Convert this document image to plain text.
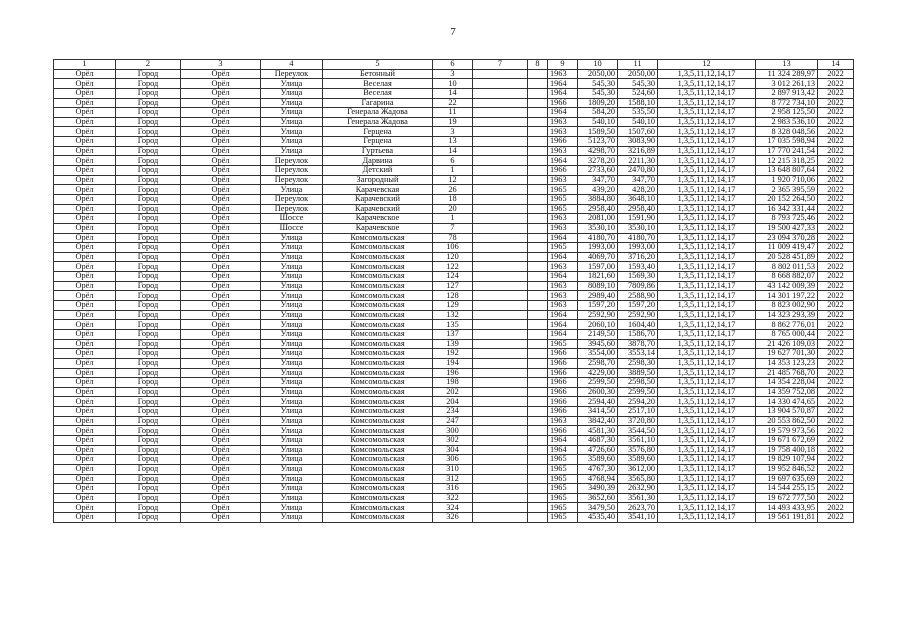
7
1	2	3	4	5	6	7	8	9	10	11	12	13	14
Орёл	Город	Орёл	Переулок	Бетонный	3			1963	2050,00	2050,00	1,3,5,11,12,14,17	11 324 289,97	2022
Орёл	Город	Орёл	Улица	Веселая	10			1964	545,30	545,30	1,3,5,11,12,14,17	3 012 261,13	2022
Орёл	Город	Орёл	Улица	Веселая	14			1964	545,30	524,60	1,3,5,11,12,14,17	2 897 913,42	2022
Орёл	Город	Орёл	Улица	Гагарина	22			1966	1809,20	1588,10	1,3,5,11,12,14,17	8 772 734,10	2022
Орёл	Город	Орёл	Улица	Генерала Жадова	11			1964	584,20	535,50	1,3,5,11,12,14,17	2 958 125,50	2022
Орёл	Город	Орёл	Улица	Генерала Жадова	19			1963	540,10	540,10	1,3,5,11,12,14,17	2 983 536,10	2022
Орёл	Город	Орёл	Улица	Герцена	3			1963	1589,50	1507,60	1,3,5,11,12,14,17	8 328 048,56	2022
Орёл	Город	Орёл	Улица	Герцена	13			1966	5123,70	3083,90	1,3,5,11,12,14,17	17 035 598,94	2022
Орёл	Город	Орёл	Улица	Гуртьева	14			1963	4298,70	3216,89	1,3,5,11,12,14,17	17 770 241,54	2022
Орёл	Город	Орёл	Переулок	Дарвина	6			1964	3278,20	2211,30	1,3,5,11,12,14,17	12 215 318,25	2022
Орёл	Город	Орёл	Переулок	Детский	1			1966	2733,60	2470,80	1,3,5,11,12,14,17	13 648 807,64	2022
Орёл	Город	Орёл	Переулок	Загородный	12			1963	347,70	347,70	1,3,5,11,12,14,17	1 920 710,06	2022
Орёл	Город	Орёл	Улица	Карачевская	26			1965	439,20	428,20	1,3,5,11,12,14,17	2 365 395,59	2022
Орёл	Город	Орёл	Переулок	Карачевский	18			1965	3884,80	3648,10	1,3,5,11,12,14,17	20 152 264,50	2022
Орёл	Город	Орёл	Переулок	Карачевский	20			1965	2958,40	2958,40	1,3,5,11,12,14,17	16 342 331,44	2022
Орёл	Город	Орёл	Шоссе	Карачевское	1			1963	2081,00	1591,90	1,3,5,11,12,14,17	8 793 725,46	2022
Орёл	Город	Орёл	Шоссе	Карачевское	7			1963	3530,10	3530,10	1,3,5,11,12,14,17	19 500 427,33	2022
Орёл	Город	Орёл	Улица	Комсомольская	78			1964	4180,70	4180,70	1,3,5,11,12,14,17	23 094 370,28	2022
Орёл	Город	Орёл	Улица	Комсомольская	106			1965	1993,00	1993,00	1,3,5,11,12,14,17	11 009 419,47	2022
Орёл	Город	Орёл	Улица	Комсомольская	120			1964	4069,70	3716,20	1,3,5,11,12,14,17	20 528 451,89	2022
Орёл	Город	Орёл	Улица	Комсомольская	122			1963	1597,00	1593,40	1,3,5,11,12,14,17	8 802 011,53	2022
Орёл	Город	Орёл	Улица	Комсомольская	124			1964	1821,60	1569,30	1,3,5,11,12,14,17	8 668 882,07	2022
Орёл	Город	Орёл	Улица	Комсомольская	127			1963	8089,10	7809,86	1,3,5,11,12,14,17	43 142 009,39	2022
Орёл	Город	Орёл	Улица	Комсомольская	128			1963	2989,40	2588,90	1,3,5,11,12,14,17	14 301 197,22	2022
Орёл	Город	Орёл	Улица	Комсомольская	129			1963	1597,20	1597,20	1,3,5,11,12,14,17	8 823 002,90	2022
Орёл	Город	Орёл	Улица	Комсомольская	132			1964	2592,90	2592,90	1,3,5,11,12,14,17	14 323 293,39	2022
Орёл	Город	Орёл	Улица	Комсомольская	135			1964	2060,10	1604,40	1,3,5,11,12,14,17	8 862 776,01	2022
Орёл	Город	Орёл	Улица	Комсомольская	137			1964	2149,50	1586,70	1,3,5,11,12,14,17	8 765 000,44	2022
Орёл	Город	Орёл	Улица	Комсомольская	139			1965	3945,60	3878,70	1,3,5,11,12,14,17	21 426 109,03	2022
Орёл	Город	Орёл	Улица	Комсомольская	192			1966	3554,00	3553,14	1,3,5,11,12,14,17	19 627 701,30	2022
Орёл	Город	Орёл	Улица	Комсомольская	194			1966	2598,70	2598,30	1,3,5,11,12,14,17	14 353 123,23	2022
Орёл	Город	Орёл	Улица	Комсомольская	196			1966	4229,00	3889,50	1,3,5,11,12,14,17	21 485 768,70	2022
Орёл	Город	Орёл	Улица	Комсомольская	198			1966	2599,50	2598,50	1,3,5,11,12,14,17	14 354 228,04	2022
Орёл	Город	Орёл	Улица	Комсомольская	202			1966	2600,30	2599,50	1,3,5,11,12,14,17	14 359 752,08	2022
Орёл	Город	Орёл	Улица	Комсомольская	204			1966	2594,40	2594,20	1,3,5,11,12,14,17	14 330 474,65	2022
Орёл	Город	Орёл	Улица	Комсомольская	234			1966	3414,50	2517,10	1,3,5,11,12,14,17	13 904 570,87	2022
Орёл	Город	Орёл	Улица	Комсомольская	247			1963	3842,40	3720,80	1,3,5,11,12,14,17	20 553 862,50	2022
Орёл	Город	Орёл	Улица	Комсомольская	300			1966	4581,30	3544,50	1,3,5,11,12,14,17	19 579 973,56	2022
Орёл	Город	Орёл	Улица	Комсомольская	302			1964	4687,30	3561,10	1,3,5,11,12,14,17	19 671 672,69	2022
Орёл	Город	Орёл	Улица	Комсомольская	304			1964	4726,60	3576,80	1,3,5,11,12,14,17	19 758 400,18	2022
Орёл	Город	Орёл	Улица	Комсомольская	306			1965	3589,60	3589,60	1,3,5,11,12,14,17	19 829 107,94	2022
Орёл	Город	Орёл	Улица	Комсомольская	310			1965	4767,30	3612,00	1,3,5,11,12,14,17	19 952 846,52	2022
Орёл	Город	Орёл	Улица	Комсомольская	312			1965	4768,94	3565,80	1,3,5,11,12,14,17	19 697 635,69	2022
Орёл	Город	Орёл	Улица	Комсомольская	316			1965	3490,39	2632,90	1,3,5,11,12,14,17	14 544 255,15	2022
Орёл	Город	Орёл	Улица	Комсомольская	322			1965	3652,60	3561,30	1,3,5,11,12,14,17	19 672 777,50	2022
Орёл	Город	Орёл	Улица	Комсомольская	324			1965	3479,50	2623,70	1,3,5,11,12,14,17	14 493 433,95	2022
Орёл	Город	Орёл	Улица	Комсомольская	326			1965	4535,40	3541,10	1,3,5,11,12,14,17	19 561 191,81	2022
